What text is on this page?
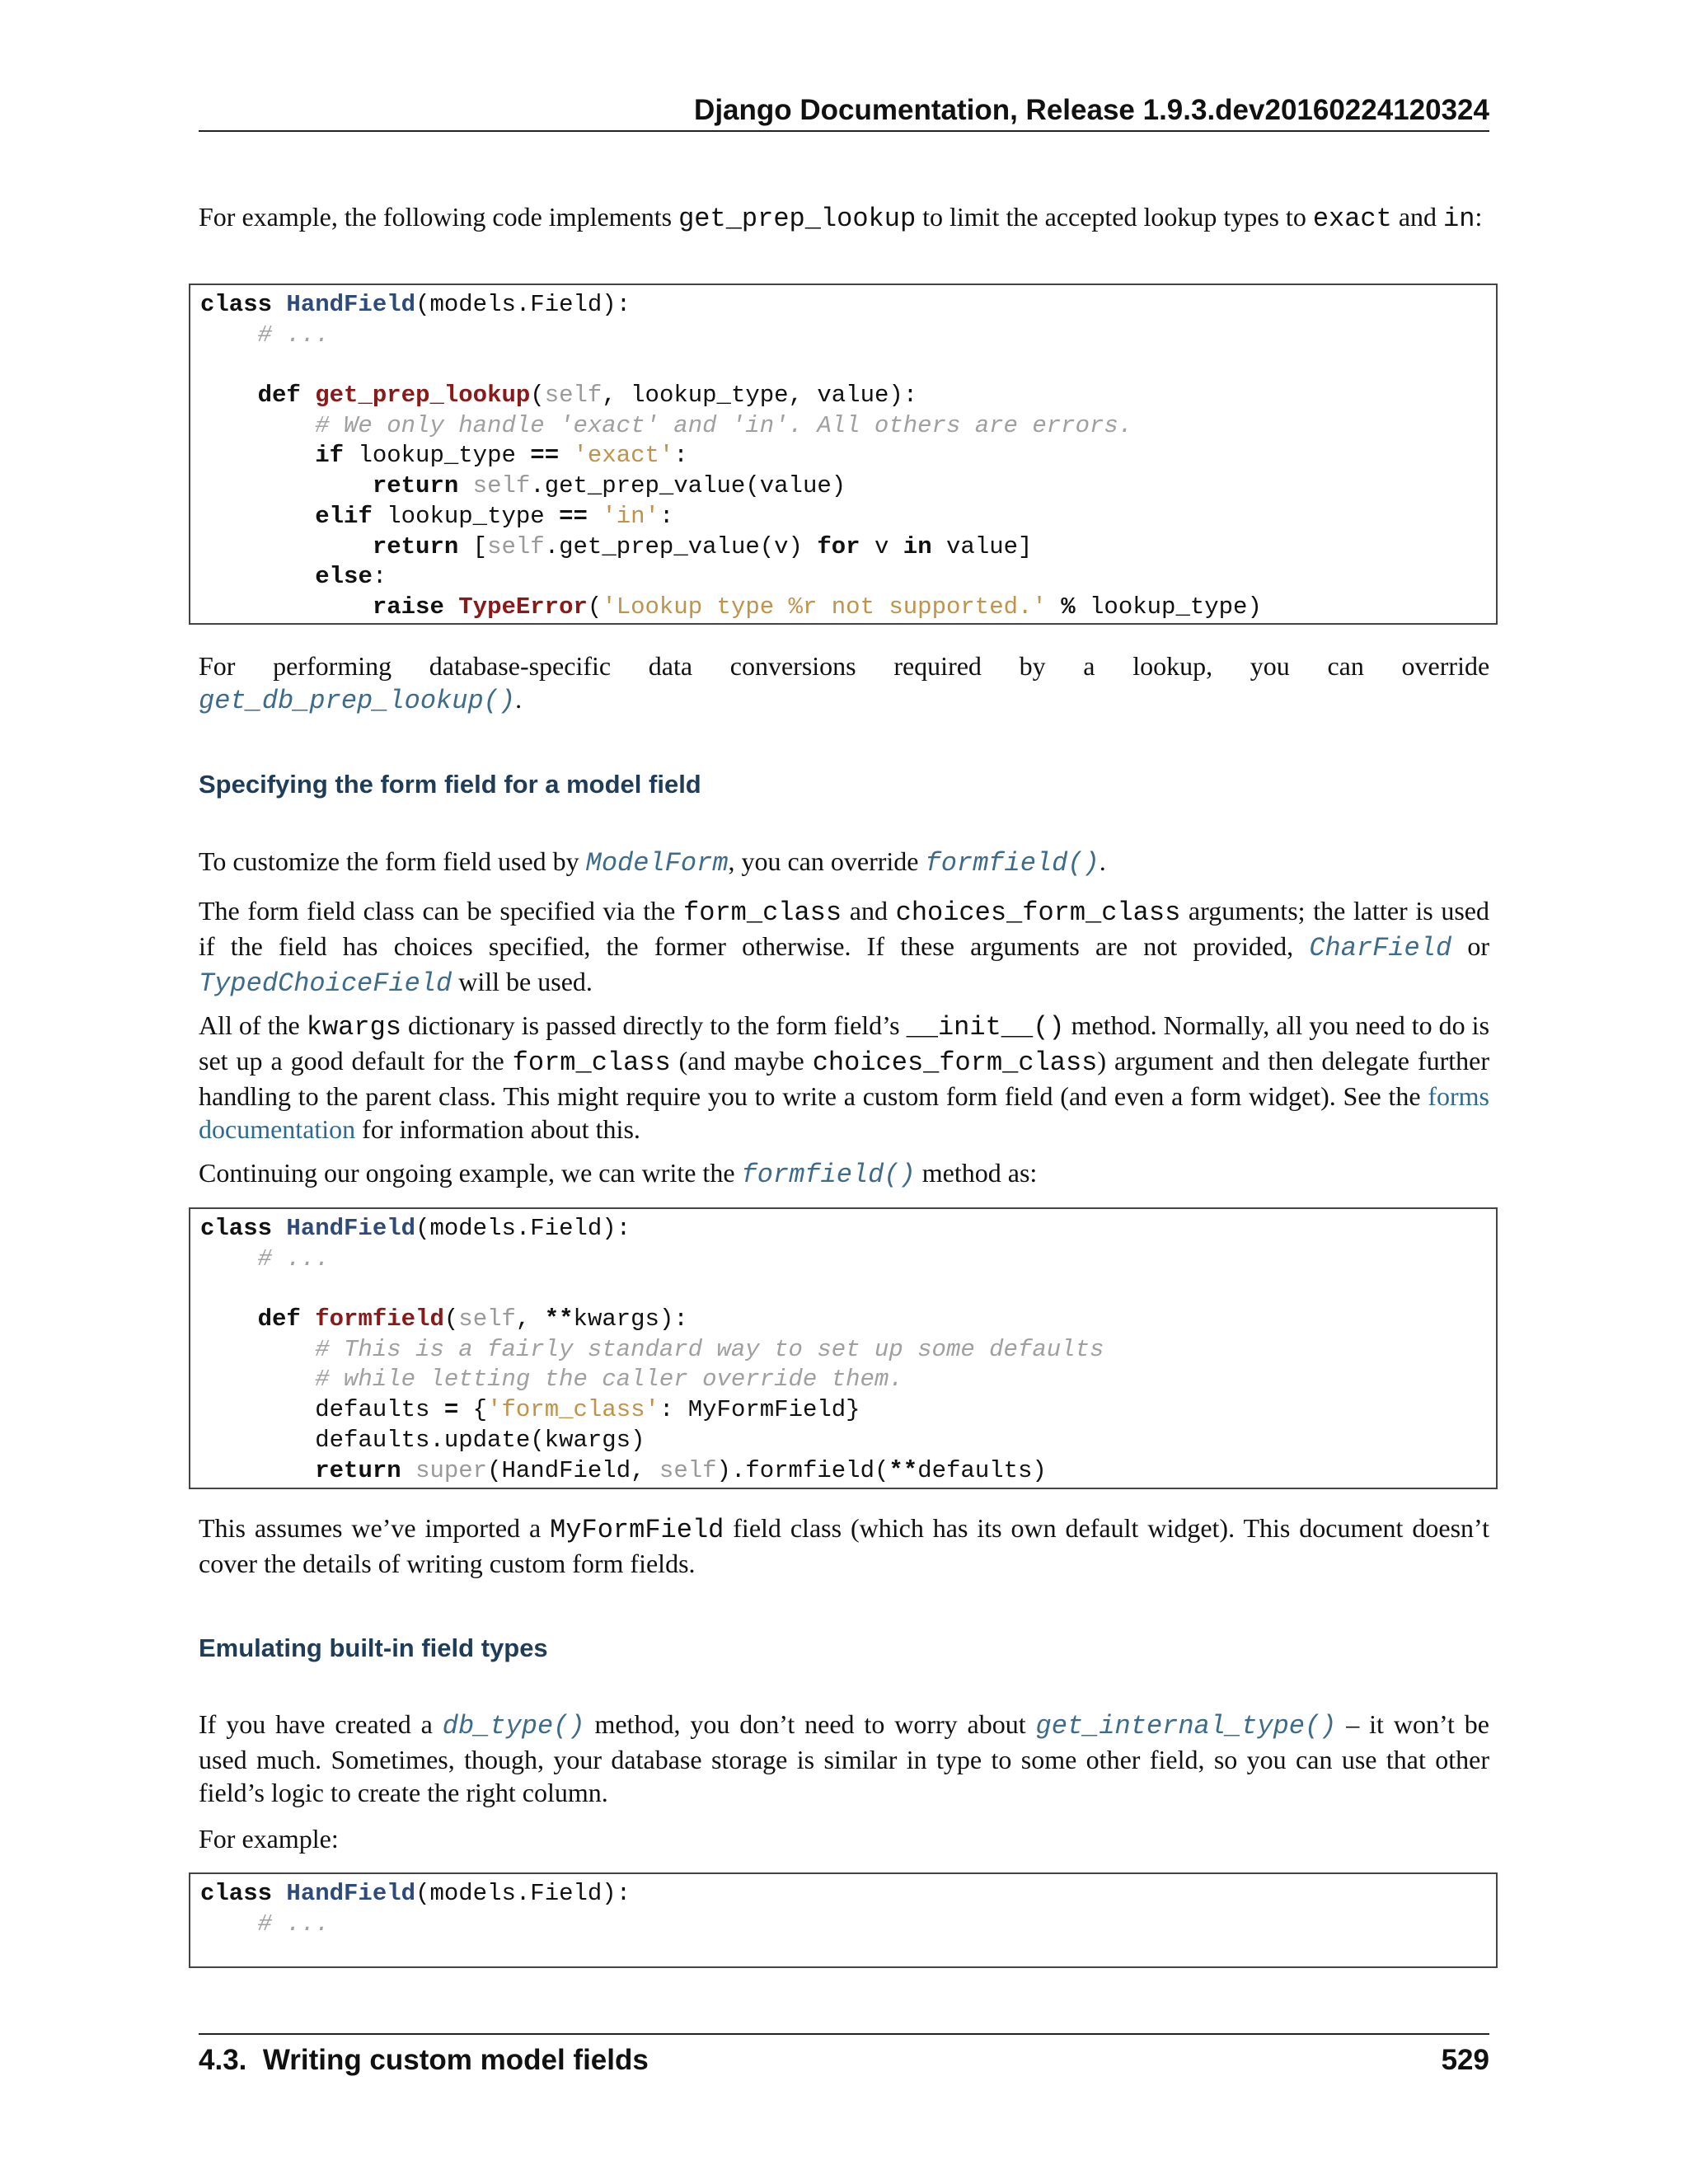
Django Documentation, Release 1.9.3.dev20160224120324
For example, the following code implements get_prep_lookup to limit the accepted lookup types to exact and in:
class HandField(models.Field):
# ...

def get_prep_lookup(self, lookup_type, value):
# We only handle 'exact' and 'in'. All others are errors.
if lookup_type == 'exact':
return self.get_prep_value(value)
elif lookup_type == 'in':
return [self.get_prep_value(v) for v in value]
else:
raise TypeError('Lookup type %r not supported.' % lookup_type)
For performing database-specific data conversions required by a lookup, you can override
get_db_prep_lookup().
Specifying the form field for a model field
To customize the form field used by ModelForm, you can override formfield().
The form field class can be specified via the form_class and choices_form_class arguments; the latter is used if the field has choices specified, the former otherwise. If these arguments are not provided, CharField or TypedChoiceField will be used.
All of the kwargs dictionary is passed directly to the form field’s __init__() method. Normally, all you need to do is set up a good default for the form_class (and maybe choices_form_class) argument and then delegate further handling to the parent class. This might require you to write a custom form field (and even a form widget). See the forms documentation for information about this.
Continuing our ongoing example, we can write the formfield() method as:
class HandField(models.Field):
# ...

def formfield(self, **kwargs):
# This is a fairly standard way to set up some defaults
# while letting the caller override them.
defaults = {'form_class': MyFormField}
defaults.update(kwargs)
return super(HandField, self).formfield(**defaults)
This assumes we’ve imported a MyFormField field class (which has its own default widget). This document doesn’t cover the details of writing custom form fields.
Emulating built-in field types
If you have created a db_type() method, you don’t need to worry about get_internal_type() – it won’t be used much. Sometimes, though, your database storage is similar in type to some other field, so you can use that other field’s logic to create the right column.
For example:
class HandField(models.Field):
# ...
4.3.  Writing custom model fields	529
